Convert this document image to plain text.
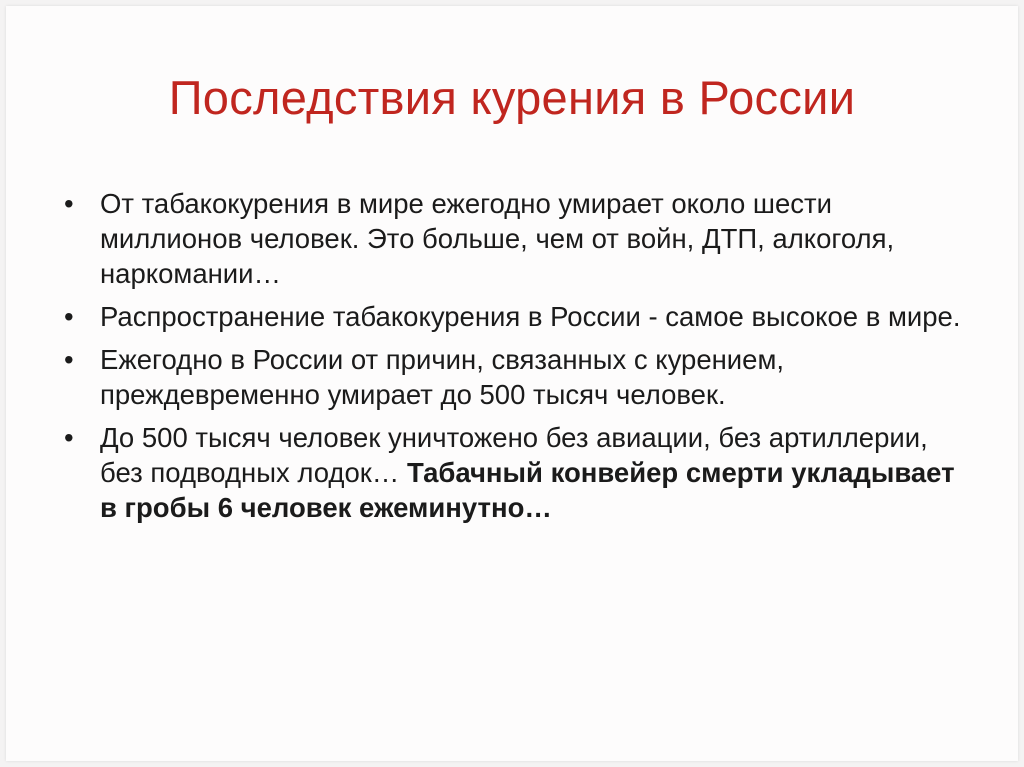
Последствия курения в России
• От табакокурения в мире ежегодно умирает около шести миллионов человек. Это больше, чем от войн, ДТП, алкоголя, наркомании…
• Распространение табакокурения в России - самое высокое в мире.
• Ежегодно в России от причин, связанных с курением, преждевременно умирает до 500 тысяч человек.
• До 500 тысяч человек уничтожено без авиации, без артиллерии, без подводных лодок… Табачный конвейер смерти укладывает в гробы 6 человек ежеминутно…
